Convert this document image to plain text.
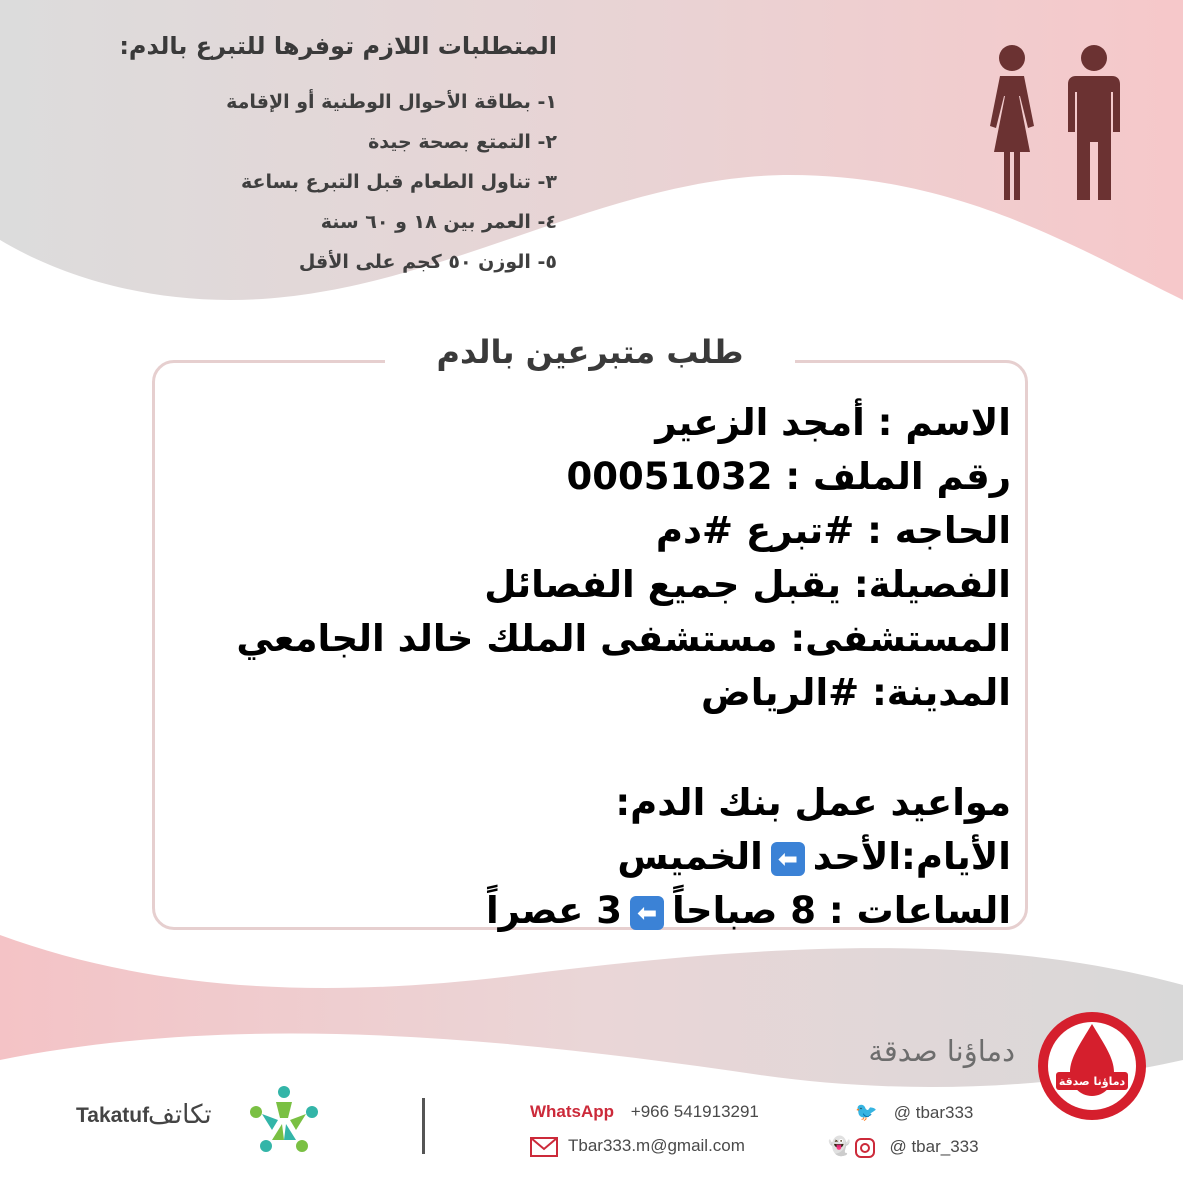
المتطلبات اللازم توفرها للتبرع بالدم:
١- بطاقة الأحوال الوطنية أو الإقامة
٢- التمتع بصحة جيدة
٣- تناول الطعام قبل التبرع بساعة
٤- العمر بين ١٨ و ٦٠ سنة
٥- الوزن ٥٠ كجم على الأقل
طلب متبرعين بالدم
الاسم : أمجد الزعير
رقم الملف : 00051032
الحاجه : #تبرع #دم
الفصيلة: يقبل جميع الفصائل
المستشفى: مستشفى الملك خالد الجامعي
المدينة: #الرياض
مواعيد عمل بنك الدم:
الأيام:الأحد⬅الخميس
الساعات : 8 صباحاً⬅3 عصراً
دماؤنا صدقة
دماؤنا صدقة
تكاتف
Takatuf	WhatsApp +966 541913291
Tbar333.m@gmail.com
🐦 @ tbar333
👻 @ tbar_333
